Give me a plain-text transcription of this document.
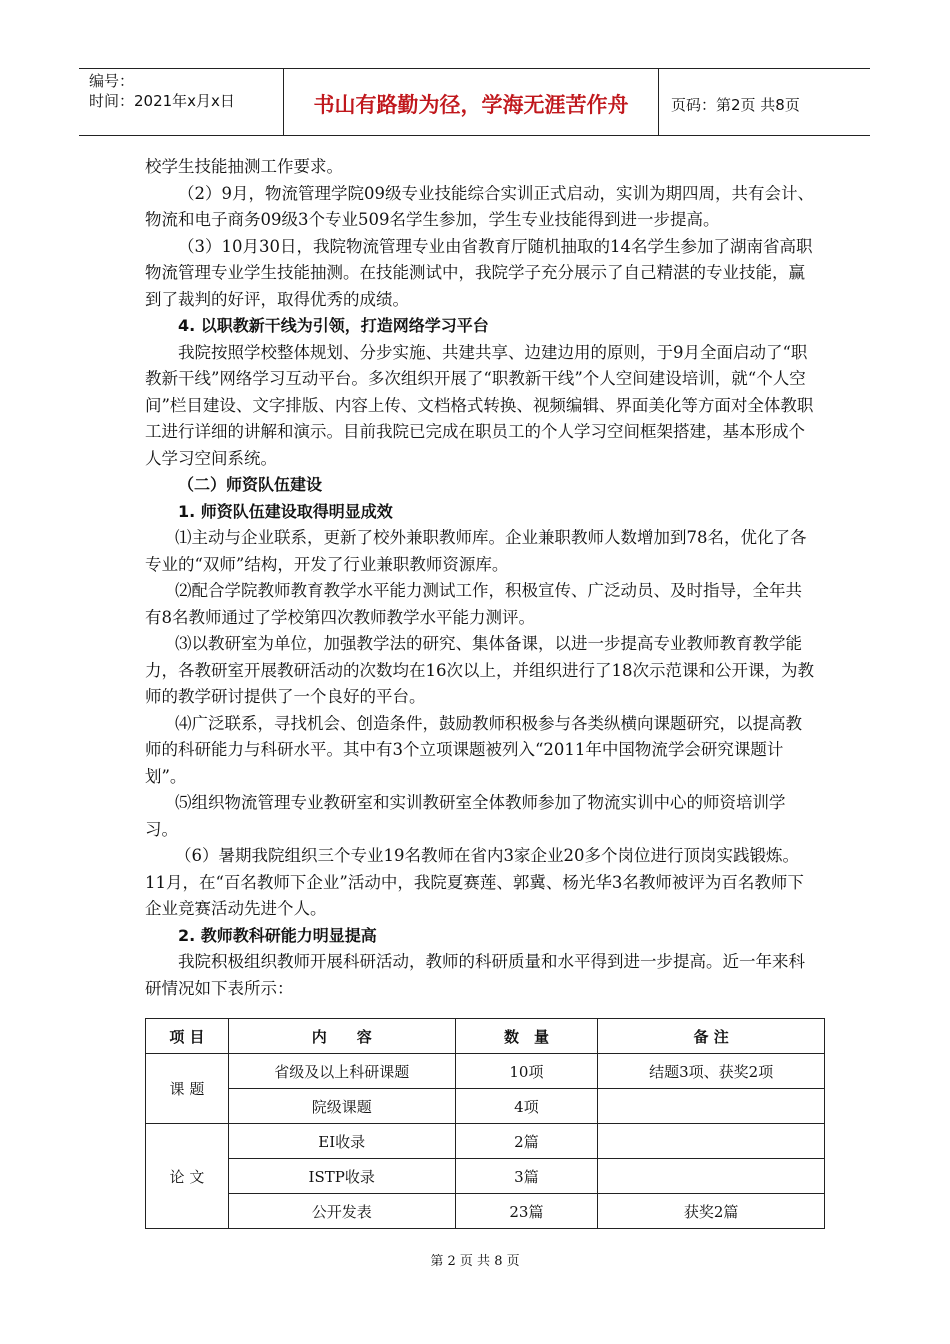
编号：
时间：2021年x月x日	书山有路勤为径，学海无涯苦作舟	页码：第2页 共8页

校学生技能抽测工作要求。

（2）9月，物流管理学院09级专业技能综合实训正式启动，实训为期四周，共有会计、物流和电子商务09级3个专业509名学生参加，学生专业技能得到进一步提高。

（3）10月30日，我院物流管理专业由省教育厅随机抽取的14名学生参加了湖南省高职物流管理专业学生技能抽测。在技能测试中，我院学子充分展示了自己精湛的专业技能，赢到了裁判的好评，取得优秀的成绩。

4. 以职教新干线为引领，打造网络学习平台

我院按照学校整体规划、分步实施、共建共享、边建边用的原则，于9月全面启动了“职教新干线”网络学习互动平台。多次组织开展了“职教新干线”个人空间建设培训，就“个人空间”栏目建设、文字排版、内容上传、文档格式转换、视频编辑、界面美化等方面对全体教职工进行详细的讲解和演示。目前我院已完成在职员工的个人学习空间框架搭建，基本形成个人学习空间系统。

（二）师资队伍建设

1. 师资队伍建设取得明显成效

⑴主动与企业联系，更新了校外兼职教师库。企业兼职教师人数增加到78名，优化了各专业的“双师”结构，开发了行业兼职教师资源库。

⑵配合学院教师教育教学水平能力测试工作，积极宣传、广泛动员、及时指导，全年共有8名教师通过了学校第四次教师教学水平能力测评。

⑶以教研室为单位，加强教学法的研究、集体备课，以进一步提高专业教师教育教学能力，各教研室开展教研活动的次数均在16次以上，并组织进行了18次示范课和公开课，为教师的教学研讨提供了一个良好的平台。

⑷广泛联系，寻找机会、创造条件，鼓励教师积极参与各类纵横向课题研究，以提高教师的科研能力与科研水平。其中有3个立项课题被列入“2011年中国物流学会研究课题计划”。

⑸组织物流管理专业教研室和实训教研室全体教师参加了物流实训中心的师资培训学习。

（6）暑期我院组织三个专业19名教师在省内3家企业20多个岗位进行顶岗实践锻炼。11月，在“百名教师下企业”活动中，我院夏赛莲、郭冀、杨光华3名教师被评为百名教师下企业竞赛活动先进个人。

2. 教师教科研能力明显提高

我院积极组织教师开展科研活动，教师的科研质量和水平得到进一步提高。近一年来科研情况如下表所示：

项 目	内　　容	数　量	备 注
课 题	省级及以上科研课题	10项	结题3项、获奖2项
	院级课题	4项	
论 文	EI收录	2篇	
	ISTP收录	3篇	
	公开发表	23篇	获奖2篇
第 2 页 共 8 页
